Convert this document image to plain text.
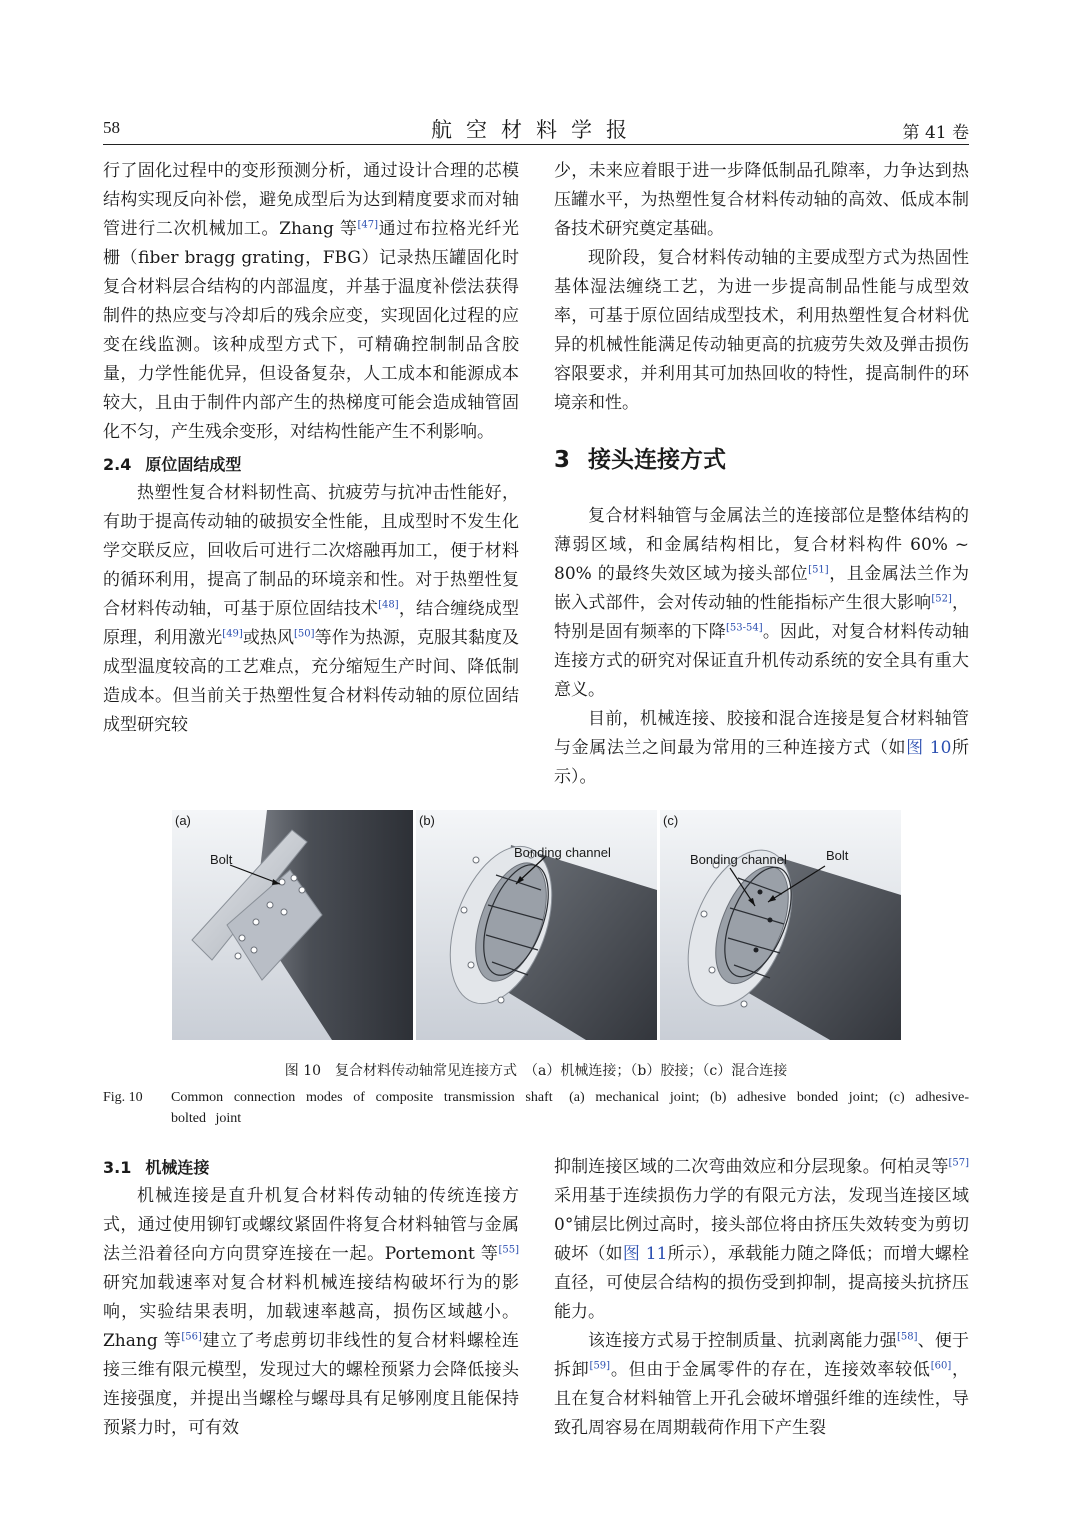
58	航空材料学报	第 41 卷

行了固化过程中的变形预测分析，通过设计合理的芯模结构实现反向补偿，避免成型后为达到精度要求而对轴管进行二次机械加工。Zhang 等[47]通过布拉格光纤光栅（fiber bragg grating，FBG）记录热压罐固化时复合材料层合结构的内部温度，并基于温度补偿法获得制件的热应变与冷却后的残余应变，实现固化过程的应变在线监测。该种成型方式下，可精确控制制品含胶量，力学性能优异，但设备复杂，人工成本和能源成本较大，且由于制件内部产生的热梯度可能会造成轴管固化不匀，产生残余变形，对结构性能产生不利影响。

2.4 原位固结成型

热塑性复合材料韧性高、抗疲劳与抗冲击性能好，有助于提高传动轴的破损安全性能，且成型时不发生化学交联反应，回收后可进行二次熔融再加工，便于材料的循环利用，提高了制品的环境亲和性。对于热塑性复合材料传动轴，可基于原位固结技术[48]，结合缠绕成型原理，利用激光[49]或热风[50]等作为热源，克服其黏度及成型温度较高的工艺难点，充分缩短生产时间、降低制造成本。但当前关于热塑性复合材料传动轴的原位固结成型研究较

少，未来应着眼于进一步降低制品孔隙率，力争达到热压罐水平，为热塑性复合材料传动轴的高效、低成本制备技术研究奠定基础。

现阶段，复合材料传动轴的主要成型方式为热固性基体湿法缠绕工艺，为进一步提高制品性能与成型效率，可基于原位固结成型技术，利用热塑性复合材料优异的机械性能满足传动轴更高的抗疲劳失效及弹击损伤容限要求，并利用其可加热回收的特性，提高制件的环境亲和性。

3 接头连接方式

复合材料轴管与金属法兰的连接部位是整体结构的薄弱区域，和金属结构相比，复合材料构件 60% ~ 80% 的最终失效区域为接头部位[51]，且金属法兰作为嵌入式部件，会对传动轴的性能指标产生很大影响[52]，特别是固有频率的下降[53-54]。因此，对复合材料传动轴连接方式的研究对保证直升机传动系统的安全具有重大意义。

目前，机械连接、胶接和混合连接是复合材料轴管与金属法兰之间最为常用的三种连接方式（如图 10所示）。

(a)
Bolt
(b)
Bonding channel
(c)
Bonding channel	Bolt
图 10　复合材料传动轴常见连接方式　（a）机械连接；（b）胶接；（c）混合连接
Fig. 10 Common connection modes of composite transmission shaft　(a) mechanical joint; (b) adhesive bonded joint; (c) adhesive-bolted joint
3.1 机械连接

机械连接是直升机复合材料传动轴的传统连接方式，通过使用铆钉或螺纹紧固件将复合材料轴管与金属法兰沿着径向方向贯穿连接在一起。Portemont 等[55]研究加载速率对复合材料机械连接结构破坏行为的影响，实验结果表明，加载速率越高，损伤区域越小。Zhang 等[56]建立了考虑剪切非线性的复合材料螺栓连接三维有限元模型，发现过大的螺栓预紧力会降低接头连接强度，并提出当螺栓与螺母具有足够刚度且能保持预紧力时，可有效

抑制连接区域的二次弯曲效应和分层现象。何柏灵等[57]采用基于连续损伤力学的有限元方法，发现当连接区域 0°铺层比例过高时，接头部位将由挤压失效转变为剪切破坏（如图 11所示），承载能力随之降低；而增大螺栓直径，可使层合结构的损伤受到抑制，提高接头抗挤压能力。

该连接方式易于控制质量、抗剥离能力强[58]、便于拆卸[59]。但由于金属零件的存在，连接效率较低[60]，且在复合材料轴管上开孔会破坏增强纤维的连续性，导致孔周容易在周期载荷作用下产生裂
